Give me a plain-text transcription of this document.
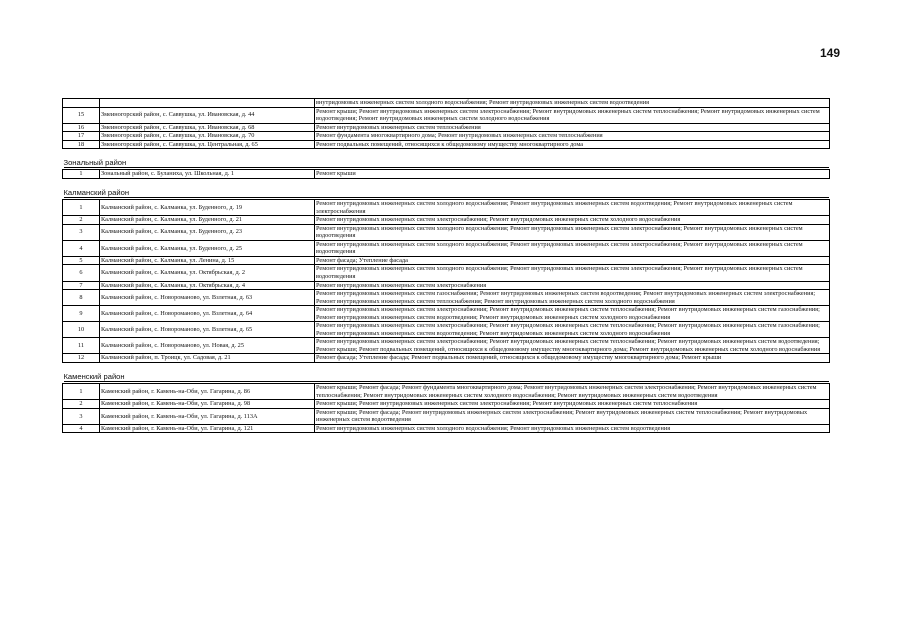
149
		внутридомовых инженерных систем холодного водоснабжения; Ремонт внутридомовых инженерных систем водоотведения
15	Змеиногорский район, с. Саввушка, ул. Ивановская, д. 44	Ремонт крыши; Ремонт внутридомовых инженерных систем электроснабжения; Ремонт внутридомовых инженерных систем теплоснабжения; Ремонт внутридомовых инженерных систем водоотведения; Ремонт внутридомовых инженерных систем холодного водоснабжения
16	Змеиногорский район, с. Саввушка, ул. Ивановская, д. 68	Ремонт внутридомовых инженерных систем теплоснабжения
17	Змеиногорский район, с. Саввушка, ул. Ивановская, д. 70	Ремонт фундамента многоквартирного дома; Ремонт внутридомовых инженерных систем теплоснабжения
18	Змеиногорский район, с. Саввушка, ул. Центральная, д. 65	Ремонт подвальных помещений, относящихся к общедомовому имуществу многоквартирного дома
Зональный район		
1	Зональный район, с. Буланиха, ул. Школьная, д. 1	Ремонт крыши
Калманский район		
1	Калманский район, с. Калманка, ул. Буденного, д. 19	Ремонт внутридомовых инженерных систем холодного водоснабжения; Ремонт внутридомовых инженерных систем водоотведения; Ремонт внутридомовых инженерных систем электроснабжения
2	Калманский район, с. Калманка, ул. Буденного, д. 21	Ремонт внутридомовых инженерных систем электроснабжения; Ремонт внутридомовых инженерных систем холодного водоснабжения
3	Калманский район, с. Калманка, ул. Буденного, д. 23	Ремонт внутридомовых инженерных систем холодного водоснабжения; Ремонт внутридомовых инженерных систем электроснабжения; Ремонт внутридомовых инженерных систем водоотведения
4	Калманский район, с. Калманка, ул. Буденного, д. 25	Ремонт внутридомовых инженерных систем холодного водоснабжения; Ремонт внутридомовых инженерных систем электроснабжения; Ремонт внутридомовых инженерных систем водоотведения
5	Калманский район, с. Калманка, ул. Ленина, д. 15	Ремонт фасада; Утепление фасада
6	Калманский район, с. Калманка, ул. Октябрьская, д. 2	Ремонт внутридомовых инженерных систем холодного водоснабжения; Ремонт внутридомовых инженерных систем электроснабжения; Ремонт внутридомовых инженерных систем водоотведения
7	Калманский район, с. Калманка, ул. Октябрьская, д. 4	Ремонт внутридомовых инженерных систем электроснабжения
8	Калманский район, с. Новороманово, ул. Взлетная, д. 63	Ремонт внутридомовых инженерных систем газоснабжения; Ремонт внутридомовых инженерных систем водоотведения; Ремонт внутридомовых инженерных систем электроснабжения; Ремонт внутридомовых инженерных систем теплоснабжения; Ремонт внутридомовых инженерных систем холодного водоснабжения
9	Калманский район, с. Новороманово, ул. Взлетная, д. 64	Ремонт внутридомовых инженерных систем электроснабжения; Ремонт внутридомовых инженерных систем теплоснабжения; Ремонт внутридомовых инженерных систем газоснабжения; Ремонт внутридомовых инженерных систем водоотведения; Ремонт внутридомовых инженерных систем холодного водоснабжения
10	Калманский район, с. Новороманово, ул. Взлетная, д. 65	Ремонт внутридомовых инженерных систем электроснабжения; Ремонт внутридомовых инженерных систем теплоснабжения; Ремонт внутридомовых инженерных систем газоснабжения; Ремонт внутридомовых инженерных систем водоотведения; Ремонт внутридомовых инженерных систем холодного водоснабжения
11	Калманский район, с. Новороманово, ул. Новая, д. 25	Ремонт внутридомовых инженерных систем электроснабжения; Ремонт внутридомовых инженерных систем теплоснабжения; Ремонт внутридомовых инженерных систем водоотведения; Ремонт крыши; Ремонт подвальных помещений, относящихся к общедомовому имуществу многоквартирного дома; Ремонт внутридомовых инженерных систем холодного водоснабжения
12	Калманский район, п. Троицк, ул. Садовая, д. 21	Ремонт фасада; Утепление фасада; Ремонт подвальных помещений, относящихся к общедомовому имуществу многоквартирного дома; Ремонт крыши
Каменский район		
1	Каменский район, г. Камень-на-Оби, ул. Гагарина, д. 86	Ремонт крыши; Ремонт фасада; Ремонт фундамента многоквартирного дома; Ремонт внутридомовых инженерных систем электроснабжения; Ремонт внутридомовых инженерных систем теплоснабжения; Ремонт внутридомовых инженерных систем холодного водоснабжения; Ремонт внутридомовых инженерных систем водоотведения
2	Каменский район, г. Камень-на-Оби, ул. Гагарина, д. 98	Ремонт крыши; Ремонт внутридомовых инженерных систем электроснабжения; Ремонт внутридомовых инженерных систем теплоснабжения
3	Каменский район, г. Камень-на-Оби, ул. Гагарина, д. 113А	Ремонт крыши; Ремонт фасада; Ремонт внутридомовых инженерных систем электроснабжения; Ремонт внутридомовых инженерных систем теплоснабжения; Ремонт внутридомовых инженерных систем водоотведения
4	Каменский район, г. Камень-на-Оби, ул. Гагарина, д. 121	Ремонт внутридомовых инженерных систем холодного водоснабжения; Ремонт внутридомовых инженерных систем водоотведения
